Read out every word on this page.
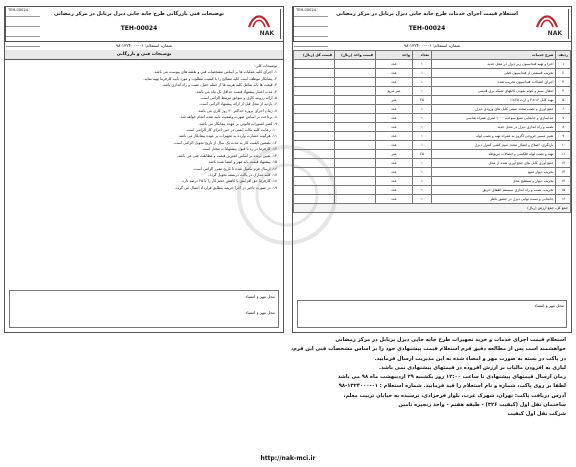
TEH-00024
توضیحات فنی بازرگانی طرح جابه جایی دیزل پرتابل در مرکز رمضانی
TEH-00024
NAK
شماره استعلام: ۰۱-۱۳۲۴۰۰۰-۹۸
توضیحات فنی و بازرگانی

توضیحات کلی:

۱- اجرای کلیه عملیات ها بر اساس مشخصات فنی و نقشه های پیوست می باشد.

۲- پیمانکار موظف است کلیه مصالح را با کیفیت مطلوب و مورد تایید کارفرما تهیه نماید.

۳- قیمت ها باید شامل کلیه هزینه ها از جمله حمل، نصب و راه اندازی باشد.

۴- مدت اعتبار پیشنهاد قیمت حداقل یک ماه می باشد.

۵- ارائه رزومه کاری و سوابق مرتبط الزامی است.

۶- بازدید از محل قبل از ارائه پیشنهاد الزامی است.

۷- زمان اجرای پروژه حداکثر ۳۰ روز کاری می باشد.

۸- پرداخت بر اساس صورت وضعیت تایید شده انجام خواهد شد.

۹- کسر کسورات قانونی بر عهده پیمانکار می باشد.

۱۰- رعایت کلیه نکات ایمنی در حین اجرای کار الزامی است.

۱۱- هرگونه خسارت وارده به تجهیزات بر عهده پیمانکار می باشد.

۱۲- تضمین کیفیت کار به مدت یک سال از تاریخ تحویل الزامی است.

۱۳- کارفرما در رد یا قبول پیشنهادات مختار است.

۱۴- تعیین برنده بر اساس کمترین قیمت و مطابقت فنی می باشد.

۱۵- پیشنهاد قیمت باید مهر و امضا شده باشد.

۱۶- ارسال فرم تکمیل شده تا تاریخ مقرر الزامی است.

۱۷- کلیه مدارک در پاکت دربسته تحویل گردد.

۱۸- کارفرما حق افزایش یا کاهش حجم کار را تا ۲۵ درصد دارد.

۱۹- در صورت تاخیر در اجرا جریمه مطابق قرارداد اعمال می گردد.

محل مهر و امضاء
محل مهر و امضاء
TEH-00024
استعلام قیمت اجرای خدمات طرح جابه جایی دیزل پرتابل در مرکز رمضانی
TEH-00024
NAK
شماره استعلام: ۰۱-۱۳۲۴۰۰۰-۹۸
ردیف	شرح خدمات	تعداد	واحد	قیمت واحد (ریال)	قیمت کل (ریال)
۱	اجرا و تهیه فنداسیون زیر دیزل در محل جدید	۱	عدد		
۲	تخریب قسمتی از فنداسیون قبلی	۱	عدد		
۳	اجرای اتصالات فنداسیون تخریب شده	۱	عدد		
۴	انتقال سیم و کوله نمودن کابلهای شبکه برق قدیمی	۱	متر مربع		
۵	تهیه کابل ۱۶×۴ و ارت ۲۵×۱	۲۵	متر		
۶	جمع آوری و نصب مجدد سینی کابل های ورودی دیزل	۱	عدد		
۷	جداسازی و جابجایی منبع سوخت ۱۰۰۰ لیتری همراه شاسی	۱	عدد		
۸	نصب و راه اندازی دیزل در محل جدید	۱	عدد		
۹	تغییر مسیر خروجی اگزوز به همراه تهیه و نصب لوله	۱	عدد		
۱۰	بازنگری، اصلاح و اتصال مجدد سیم کشی کنترل دیزل	۱	عدد		
۱۱	تهیه و نصب لوله فلکسی و اتصالات مربوطه	۲۵	متر		
۱۲	جمع آوری کابل های جمع آوری شده از محل	۱	عدد		
۱۳	تخریب دیوار منبع	۱	عدد		
۱۴	تخریب دیوار و تسطیح محل	۱	عدد		
۱۵	تخریب، نصب و راه اندازی سیستم اطفای حریق	۱	عدد		
۱۶	جابجایی و تست نهایی دیزل در حضور ناظر	۱	عدد		
جمع کل، جمع ارزش (ریال)					
محل مهر و امضاء

استعلام قیمت اجرای خدمات و خرید تجهیزات طرح جابه جایی دیزل پرتابل در مرکز رمضانی

خواهشمند است پس از مطالعه دقیق فرم استعلام قیمت پیشنهادی خود را بر اساس مشخصات فنی این فرم،

در پاکت در بسته به صورت مهر و امضاء شده به این مدیریت ارسال فرمایید.

لیازی به افزودن مالیات بر ارزش افزوده در قیمتهای پیشنهادی نمی باشد.

زمان ارسال قیمتهای پیشنهادی تا ساعت ۱۲:۰۰ روز یکشنبه ۲۹ اردیبهشت ماه ۹۸ می باشد

لطفا بر روی پاکت، شماره و نام استعلام را قید فرمایید. شماره استعلام : ۰۱-۱۳۲۴۰۰۰-۹۸

آدرس دریافت پاکت: تهران، شهرک غرب، بلوار فرحزادی، نرسیده به خیابان تربیت معلم،

ساختمان نقل اول (کیفیت ۳۲۶) - طبقه هفتم - واحد زنجیره تامین

شرکت نقل اول کیفیت

http://nak-mci.ir
